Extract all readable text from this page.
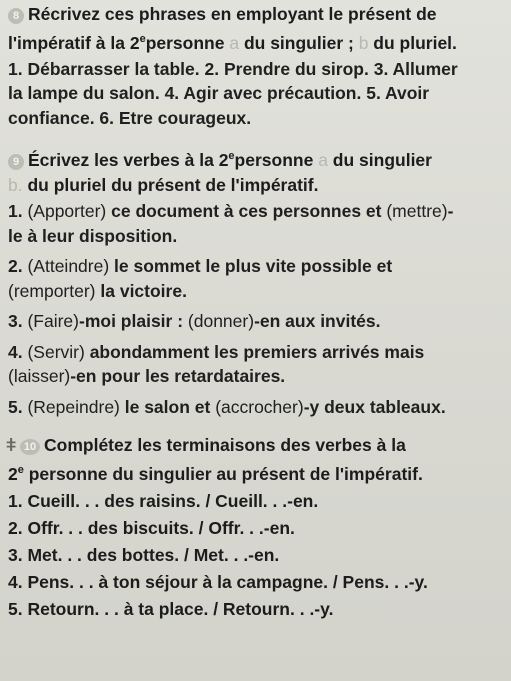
8 Récrivez ces phrases en employant le présent de
l'impératif à la 2epersonne a du singulier ; b du pluriel.
1. Débarrasser la table. 2. Prendre du sirop. 3. Allumer
la lampe du salon. 4. Agir avec précaution. 5. Avoir
confiance. 6. Etre courageux.
9 Écrivez les verbes à la 2epersonne a du singulier
b. du pluriel du présent de l'impératif.
1. (Apporter) ce document à ces personnes et (mettre)-
le à leur disposition.
2. (Atteindre) le sommet le plus vite possible et
(remporter) la victoire.
3. (Faire)-moi plaisir : (donner)-en aux invités.
4. (Servir) abondamment les premiers arrivés mais
(laisser)-en pour les retardataires.
5. (Repeindre) le salon et (accrocher)-y deux tableaux.
ǂ 10 Complétez les terminaisons des verbes à la
2e personne du singulier au présent de l'impératif.
1. Cueill. . . des raisins. / Cueill. . .-en.
2. Offr. . . des biscuits. / Offr. . .-en.
3. Met. . . des bottes. / Met. . .-en.
4. Pens. . . à ton séjour à la campagne. / Pens. . .-y.
5. Retourn. . . à ta place. / Retourn. . .-y.
